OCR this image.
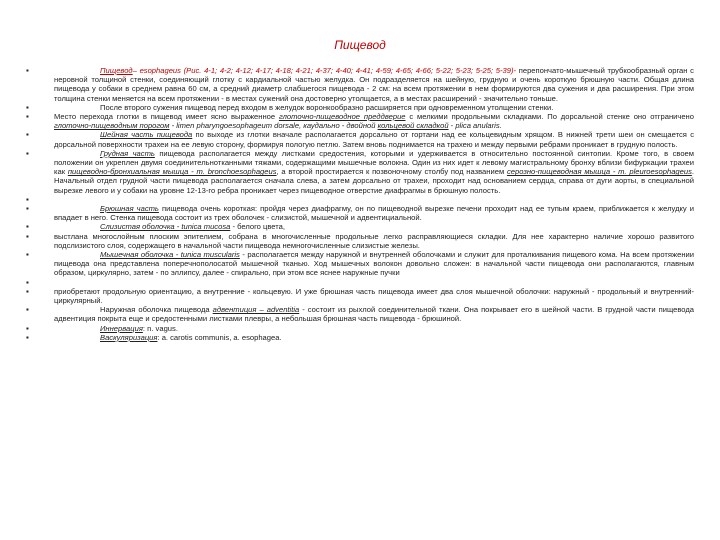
Пищевод
▪	Пищевод– esophageus (Рис. 4-1; 4-2; 4-12; 4-17; 4-18; 4-21; 4-37; 4-40; 4-41; 4-59; 4-65; 4-66; 5-22; 5-23; 5-25; 5-39)- перепончато-мышечный трубкообразный орган с неровной толщиной стенки, соединяющий глотку с кардиальной частью желудка. Он подразделяется на шейную, грудную и очень короткую брюшную части. Общая длина пищевода у собаки в среднем равна 60 см, а средний диаметр слабшегося пищевода - 2 см: на всем протяжении в нем формируются два сужения и два расширения. При этом толщина стенки меняется на всем протяжении - в местах сужений она достоверно утолщается, а в местах расширений - значительно тоньше.
▪	После второго сужения пищевод перед входом в желудок воронкообразно расширяется при одновременном утолщении стенки.
▪	Место перехода глотки в пищевод имеет ясно выраженное глоточно-пищеводное преддверие с мелкими продольными складками. По дорсальной стенке оно отграничено глоточно-пищеводным порогом - limen pharyngoesophageum dorsale, каудально - двойной кольцевой складкой - plica anularis.
▪	Шейная часть пищевода по выходе из глотки вначале располагается дорсально от гортани над ее кольцевидным хрящом. В нижней трети шеи он смещается с дорсальной поверхности трахеи на ее левую сторону, формируя пологую петлю. Затем вновь поднимается на трахею и между первыми ребрами проникает в грудную полость.
▪	Грудная часть пищевода располагается между листками средостения, которыми и удерживается в относительно постоянной синтопии. Кроме того, в своем положении он укреплен двумя соединительнотканными тяжами, содержащими мышечные волокна. Один из них идет к левому магистральному бронху вблизи бифуркации трахеи как пищеводно-бронхиальная мышца - m. bronchoesophageus, а второй простирается к позвоночному столбу под названием серозно-пищеводная мышца - m. pleuroesophageus. Начальный отдел грудной части пищевода располагается сначала слева, а затем дорсально от трахеи, проходит над основанием сердца, справа от дуги аорты, в специальной вырезке левого и у собаки на уровне 12-13-го ребра проникает через пищеводное отверстие диафрагмы в брюшную полость.
▪
▪	Брюшная часть пищевода очень короткая: пройдя через диафрагму, он по пищеводной вырезке печени проходит над ее тупым краем, приближается к желудку и впадает в него. Стенка пищевода состоит из трех оболочек - слизистой, мышечной и адвентициальной.
▪	Слизистая оболочка - tunica mucosa - белого цвета,
▪	выстлана многослойным плоским эпителием, собрана в многочисленные продольные легко расправляющиеся складки. Для нее характерно наличие хорошо развитого подслизистого слоя, содержащего в начальной части пищевода немногочисленные слизистые железы.
▪	Мышечная оболочка - tunica muscularis - располагается между наружной и внутренней оболочками и служит для проталкивания пищевого кома. На всем протяжении пищевода она представлена поперечнополосатой мышечной тканью. Ход мышечных волокон довольно сложен: в начальной части пищевода они располагаются, главным образом, циркулярно, затем - по эллипсу, далее - спирально, при этом все яснее наружные пучки
▪
▪	приобретают продольную ориентацию, а внутренние - кольцевую. И уже брюшная часть пищевода имеет два слоя мышечной оболочки: наружный - продольный и внутренний- циркулярный.
▪	Наружная оболочка пищевода адвентиция – adventitia - состоит из рыхлой соединительной ткани. Она покрывает его в шейной части. В грудной части пищевода адвентиция покрыта еще и средостенными листками плевры, а небольшая брюшная часть пищевода - брюшиной.
▪	Иннервация: n. vagus.
▪	Васкуляризация: a. carotis communis, a. esophagea.
